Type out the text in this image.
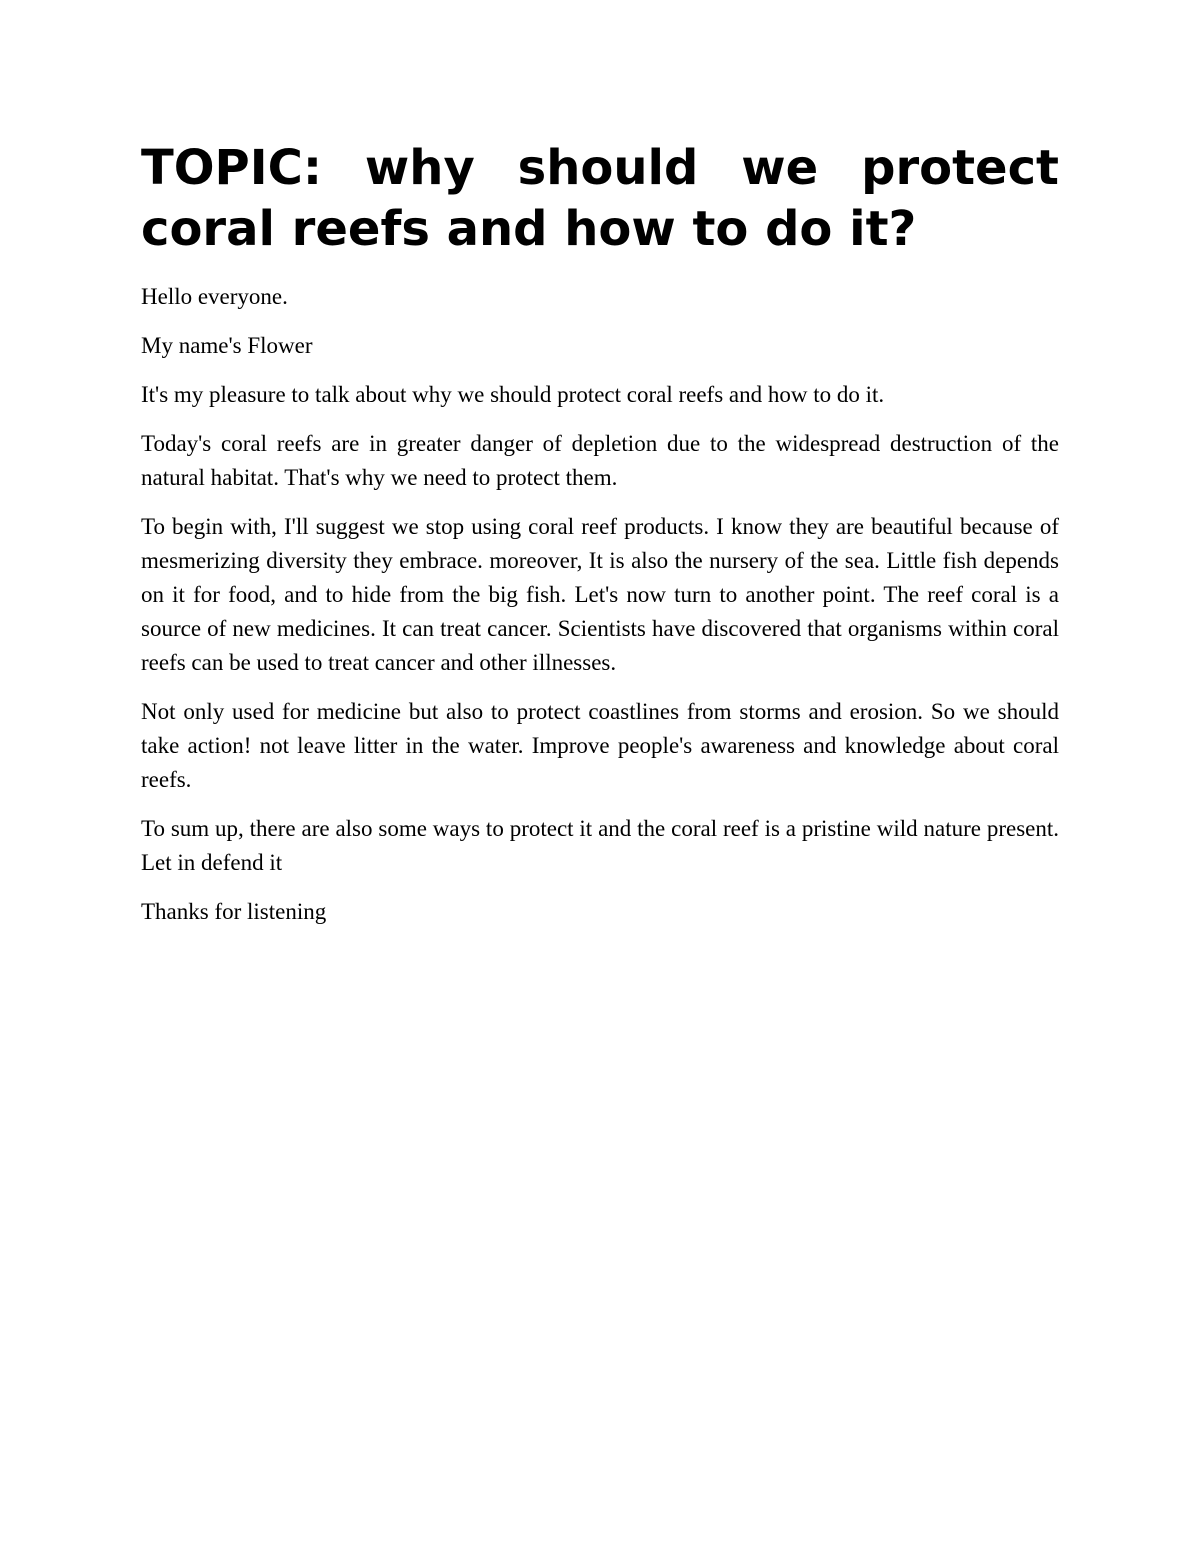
TOPIC: why should we protect coral reefs and how to do it?

Hello everyone.

My name's Flower

It's my pleasure to talk about why we should protect coral reefs and how to do it.

Today's coral reefs are in greater danger of depletion due to the widespread destruction of the natural habitat. That's why we need to protect them.

To begin with, I'll suggest we stop using coral reef products. I know they are beautiful because of mesmerizing diversity they embrace. moreover, It is also the nursery of the sea. Little fish depends on it for food, and to hide from the big fish. Let's now turn to another point. The reef coral is a source of new medicines. It can treat cancer. Scientists have discovered that organisms within coral reefs can be used to treat cancer and other illnesses.

Not only used for medicine but also to protect coastlines from storms and erosion. So we should take action! not leave litter in the water. Improve people's awareness and knowledge about coral reefs.

To sum up, there are also some ways to protect it and the coral reef is a pristine wild nature present. Let in defend it

Thanks for listening
